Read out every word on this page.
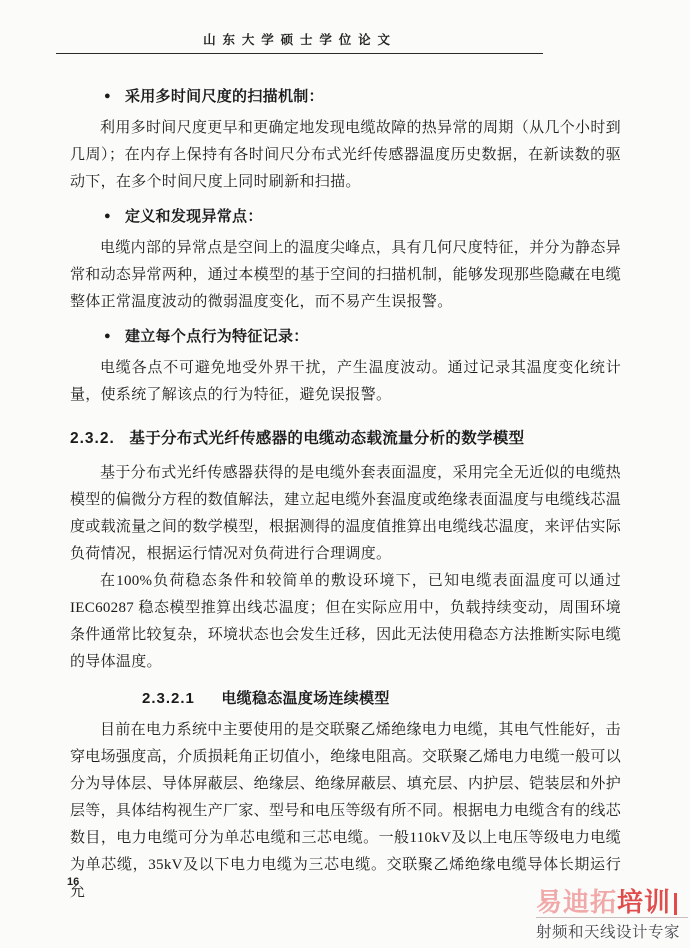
山东大学硕士学位论文
● 采用多时间尺度的扫描机制：

利用多时间尺度更早和更确定地发现电缆故障的热异常的周期（从几个小时到几周）；在内存上保持有各时间尺分布式光纤传感器温度历史数据，在新读数的驱动下，在多个时间尺度上同时刷新和扫描。

● 定义和发现异常点：

电缆内部的异常点是空间上的温度尖峰点，具有几何尺度特征，并分为静态异常和动态异常两种，通过本模型的基于空间的扫描机制，能够发现那些隐藏在电缆整体正常温度波动的微弱温度变化，而不易产生误报警。

● 建立每个点行为特征记录：

电缆各点不可避免地受外界干扰，产生温度波动。通过记录其温度变化统计量，使系统了解该点的行为特征，避免误报警。

2.3.2. 基于分布式光纤传感器的电缆动态载流量分析的数学模型

基于分布式光纤传感器获得的是电缆外套表面温度，采用完全无近似的电缆热模型的偏微分方程的数值解法，建立起电缆外套温度或绝缘表面温度与电缆线芯温度或载流量之间的数学模型，根据测得的温度值推算出电缆线芯温度，来评估实际负荷情况，根据运行情况对负荷进行合理调度。

在100%负荷稳态条件和较简单的敷设环境下，已知电缆表面温度可以通过IEC60287 稳态模型推算出线芯温度；但在实际应用中，负载持续变动，周围环境条件通常比较复杂，环境状态也会发生迁移，因此无法使用稳态方法推断实际电缆的导体温度。

2.3.2.1 电缆稳态温度场连续模型

目前在电力系统中主要使用的是交联聚乙烯绝缘电力电缆，其电气性能好，击穿电场强度高，介质损耗角正切值小，绝缘电阻高。交联聚乙烯电力电缆一般可以分为导体层、导体屏蔽层、绝缘层、绝缘屏蔽层、填充层、内护层、铠装层和外护层等，具体结构视生产厂家、型号和电压等级有所不同。根据电力电缆含有的线芯数目，电力电缆可分为单芯电缆和三芯电缆。一般110kV及以上电压等级电力电缆为单芯缆，35kV及以下电力电缆为三芯电缆。交联聚乙烯绝缘电缆导体长期运行允

16
易迪拓 培训
射频和天线设计专家
